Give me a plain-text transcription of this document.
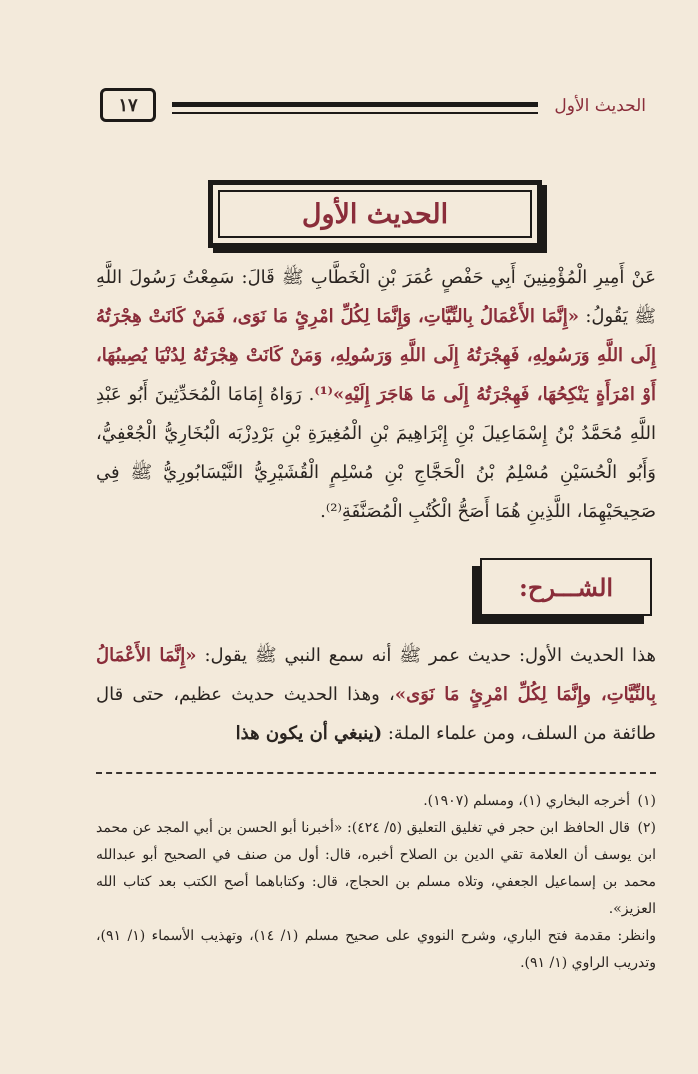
الحديث الأول
١٧
الحديث الأول
عَنْ أَمِيرِ الْمُؤْمِنِينَ أَبِي حَفْصٍ عُمَرَ بْنِ الْخَطَّابِ ﷺ قَالَ: سَمِعْتُ رَسُولَ اللَّهِ ﷺ يَقُولُ: «إِنَّمَا الأَعْمَالُ بِالنِّيَّاتِ، وَإِنَّمَا لِكُلِّ امْرِئٍ مَا نَوَى، فَمَنْ كَانَتْ هِجْرَتُهُ إِلَى اللَّهِ وَرَسُولِهِ، فَهِجْرَتُهُ إِلَى اللَّهِ وَرَسُولِهِ، وَمَنْ كَانَتْ هِجْرَتُهُ لِدُنْيَا يُصِيبُهَا، أَوْ امْرَأَةٍ يَنْكِحُهَا، فَهِجْرَتُهُ إِلَى مَا هَاجَرَ إِلَيْهِ»⁽¹⁾. رَوَاهُ إِمَامَا الْمُحَدِّثِينَ أَبُو عَبْدِ اللَّهِ مُحَمَّدُ بْنُ إِسْمَاعِيلَ بْنِ إِبْرَاهِيمَ بْنِ الْمُغِيرَةِ بْنِ بَرْدِزْبَه الْبُخَارِيُّ الْجُعْفِيُّ، وَأَبُو الْحُسَيْنِ مُسْلِمُ بْنُ الْحَجَّاجِ بْنِ مُسْلِمٍ الْقُشَيْرِيُّ النَّيْسَابُورِيُّ ﷺ فِي صَحِيحَيْهِمَا، اللَّذِينِ هُمَا أَصَحُّ الْكُتُبِ الْمُصَنَّفَةِ⁽²⁾.
الشـــرح:
هذا الحديث الأول: حديث عمر ﷺ أنه سمع النبي ﷺ يقول: «إِنَّمَا الأَعْمَالُ بِالنِّيَّاتِ، وإِنَّمَا لِكُلِّ امْرِئٍ مَا نَوَى»، وهذا الحديث حديث عظيم، حتى قال طائفة من السلف، ومن علماء الملة: (ينبغي أن يكون هذا

(١)أخرجه البخاري (١)، ومسلم (١٩٠٧).

(٢)قال الحافظ ابن حجر في تغليق التعليق (٥/ ٤٢٤): «أخبرنا أبو الحسن بن أبي المجد عن محمد ابن يوسف أن العلامة تقي الدين بن الصلاح أخبره، قال: أول من صنف في الصحيح أبو عبدالله محمد بن إسماعيل الجعفي، وتلاه مسلم بن الحجاج، قال: وكتاباهما أصح الكتب بعد كتاب الله العزيز».

وانظر: مقدمة فتح الباري، وشرح النووي على صحيح مسلم (١/ ١٤)، وتهذيب الأسماء (١/ ٩١)، وتدريب الراوي (١/ ٩١).
